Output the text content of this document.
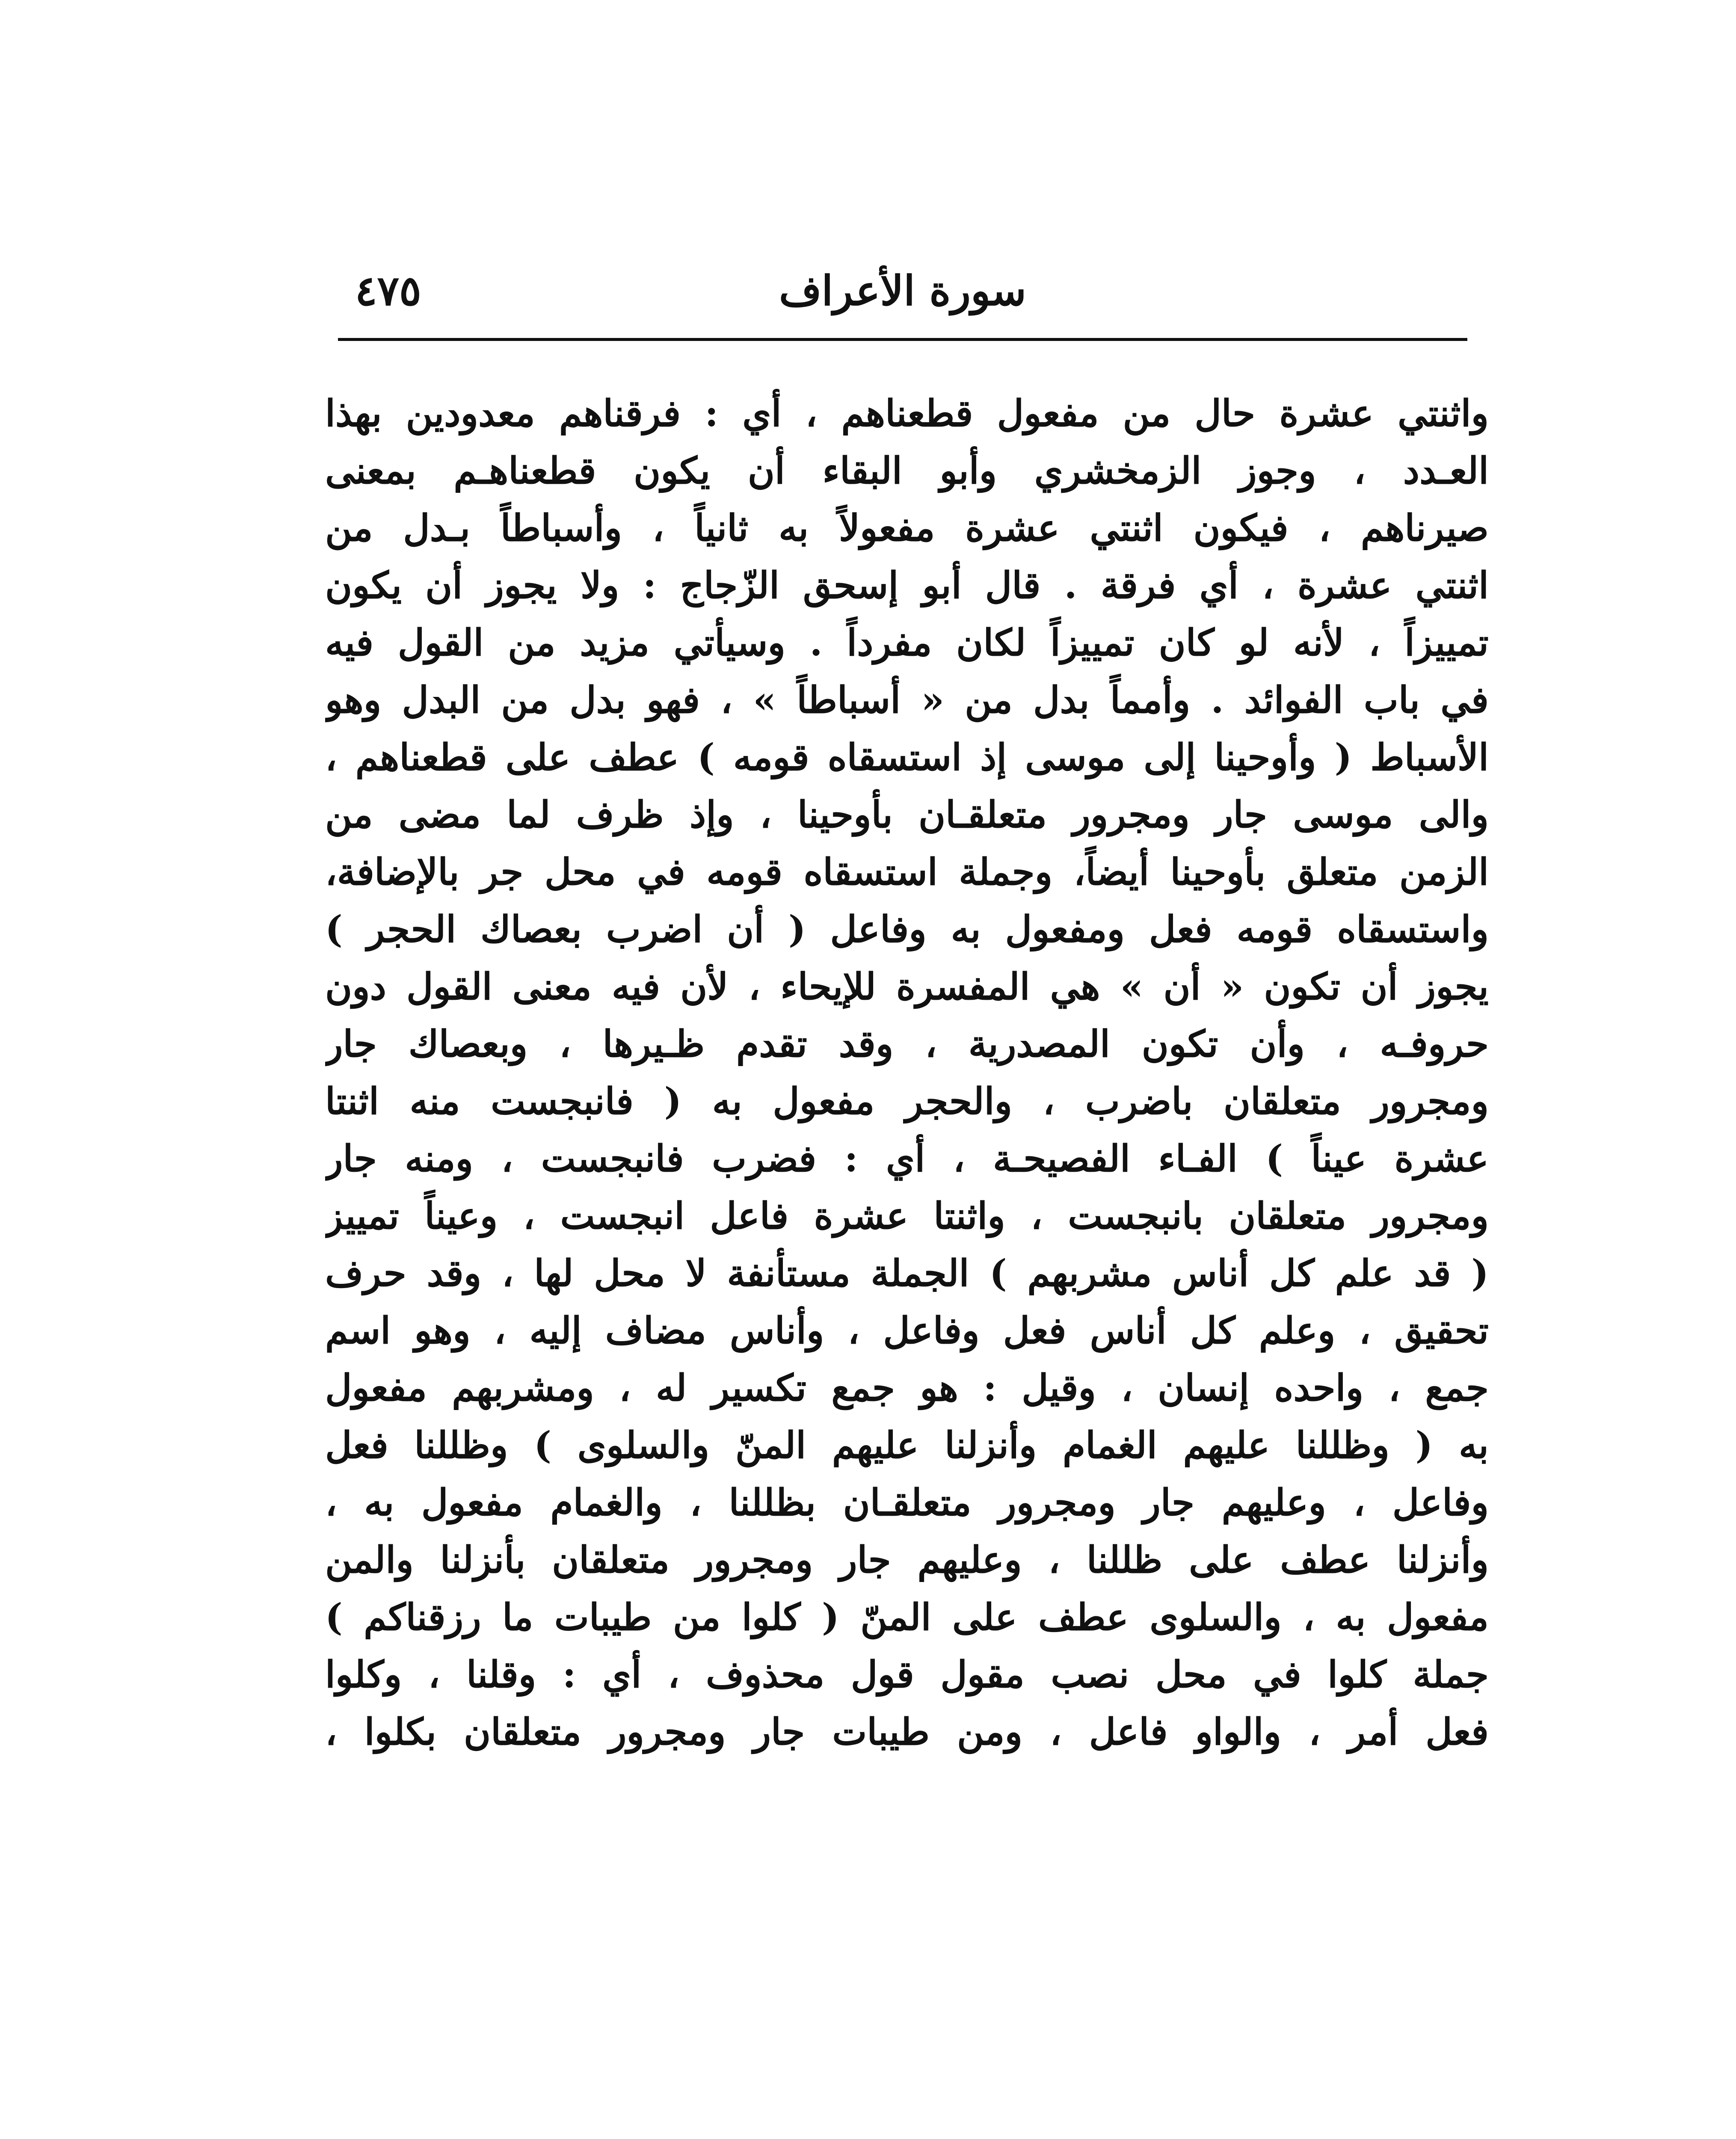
سورة الأعراف
٤٧٥
واثنتي عشرة حال من مفعول قطعناهم ، أي : فرقناهم معدودين بهذا
العـدد ، وجوز الزمخشري وأبو البقاء أن يكون قطعناهـم بمعنى
صيرناهم ، فيكون اثنتي عشرة مفعولاً به ثانياً ، وأسباطاً بـدل من
اثنتي عشرة ، أي فرقة . قال أبو إسحق الزّجاج : ولا يجوز أن يكون
تمييزاً ، لأنه لو كان تمييزاً لكان مفرداً . وسيأتي مزيد من القول فيه
في باب الفوائد . وأمماً بدل من « أسباطاً » ، فهو بدل من البدل وهو
الأسباط ( وأوحينا إلى موسى إذ استسقاه قومه ) عطف على قطعناهم ،
والى موسى جار ومجرور متعلقـان بأوحينا ، وإذ ظرف لما مضى من
الزمن متعلق بأوحينا أيضاً، وجملة استسقاه قومه في محل جر بالإضافة،
واستسقاه قومه فعل ومفعول به وفاعل ( أن اضرب بعصاك الحجر )
يجوز أن تكون « أن » هي المفسرة للإيحاء ، لأن فيه معنى القول دون
حروفـه ، وأن تكون المصدرية ، وقد تقدم ظـيرها ، وبعصاك جار
ومجرور متعلقان باضرب ، والحجر مفعول به ( فانبجست منه اثنتا
عشرة عيناً ) الفـاء الفصيحـة ، أي : فضرب فانبجست ، ومنه جار
ومجرور متعلقان بانبجست ، واثنتا عشرة فاعل انبجست ، وعيناً تمييز
( قد علم كل أناس مشربهم ) الجملة مستأنفة لا محل لها ، وقد حرف
تحقيق ، وعلم كل أناس فعل وفاعل ، وأناس مضاف إليه ، وهو اسم
جمع ، واحده إنسان ، وقيل : هو جمع تكسير له ، ومشربهم مفعول
به ( وظللنا عليهم الغمام وأنزلنا عليهم المنّ والسلوى ) وظللنا فعل
وفاعل ، وعليهم جار ومجرور متعلقـان بظللنا ، والغمام مفعول به ،
وأنزلنا عطف على ظللنا ، وعليهم جار ومجرور متعلقان بأنزلنا والمن
مفعول به ، والسلوى عطف على المنّ ( كلوا من طيبات ما رزقناكم )
جملة كلوا في محل نصب مقول قول محذوف ، أي : وقلنا ، وكلوا
فعل أمر ، والواو فاعل ، ومن طيبات جار ومجرور متعلقان بكلوا ،
